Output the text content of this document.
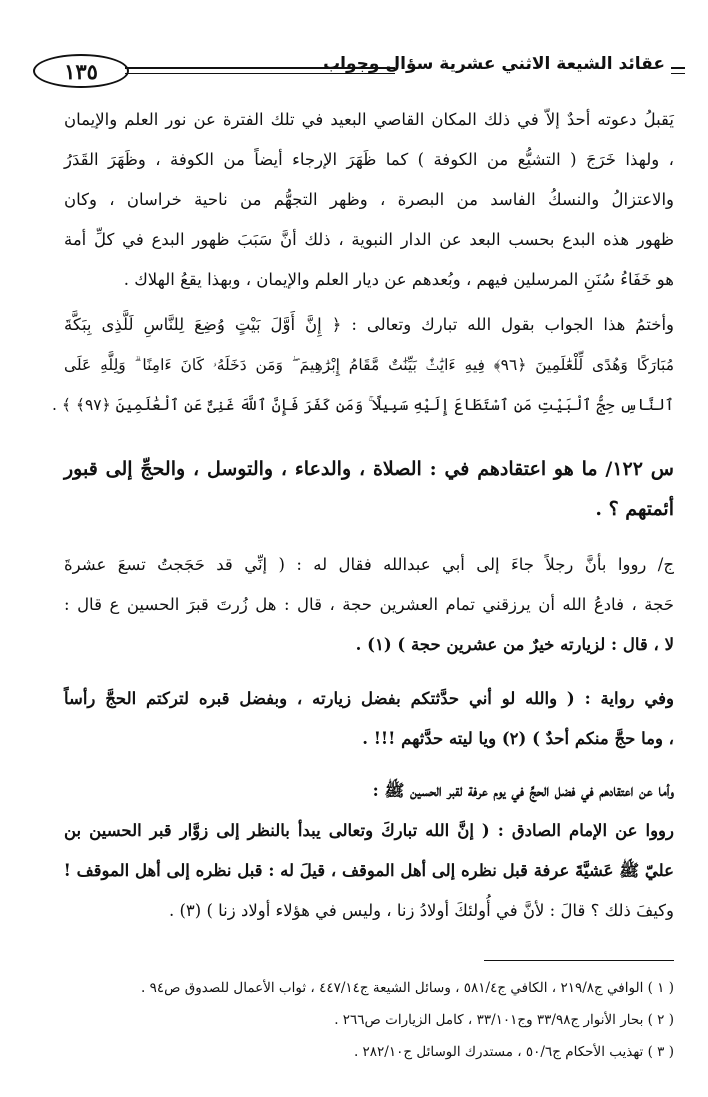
١٣٥	عقائد الشيعة الاثني عشرية سؤال وجواب
يَقبلُ دعوته أحدٌ إلاّ في ذلك المكان القاصي البعيد في تلك الفترة عن نور العلم والإيمان
، ولهذا خَرَجَ ( التشيُّع من الكوفة ) كما ظَهَرَ الإرجاء أيضاً من الكوفة ، وظَهَرَ القَدَرُ
والاعتزالُ والنسكُ الفاسد من البصرة ، وظهر التجهُّم من ناحية خراسان ، وكان
ظهور هذه البدع بحسب البعد عن الدار النبوية ، ذلك أنَّ سَبَبَ ظهور البدع في كلِّ أمة
هو خَفَاءُ سُنَنِ المرسلين فيهم ، وبُعدهم عن ديار العلم والإيمان ، وبهذا يقعُ الهلاك .
وأختمُ هذا الجواب بقول الله تبارك وتعالى : ﴿ إِنَّ أَوَّلَ بَيْتٍ وُضِعَ لِلنَّاسِ لَلَّذِى بِبَكَّةَ
مُبَارَكًا وَهُدًى لِّلْعَٰلَمِينَ ﴿٩٦﴾ فِيهِ ءَايَٰتٌۢ بَيِّنَٰتٌ مَّقَامُ إِبْرَٰهِيمَ ۖ وَمَن دَخَلَهُۥ كَانَ ءَامِنًا ۗ وَلِلَّهِ عَلَى
ٱلنَّاسِ حِجُّ ٱلْبَيْتِ مَنِ ٱسْتَطَاعَ إِلَيْهِ سَبِيلًا ۚ وَمَن كَفَرَ فَإِنَّ ٱللَّهَ غَنِىٌّ عَنِ ٱلْعَٰلَمِينَ ﴿٩٧﴾ ﴾ .
س ١٢٢/ ما هو اعتقادهم في : الصلاة ، والدعاء ، والتوسل ، والحجِّ إلى قبور
أئمتهم ؟ .
ج/ رووا بأنَّ رجلاً جاءَ إلى أبي عبدالله فقال له : ( إنِّي قد حَجَجتُ تسعَ عشرةَ
حَجة ، فادعُ الله أن يرزقني تمام العشرين حجة ، قال : هل زُرتَ قبرَ الحسين ع قال :
لا ، قال : لزيارته خيرٌ من عشرين حجة ) (١) .
وفي رواية : ( والله لو أني حدَّثتكم بفضل زيارته ، وبفضل قبره لتركتم الحجَّ رأساً
، وما حجَّ منكم أحدٌ ) (٢) ويا ليته حدَّثهم !!! .
وأما عن اعتقادهم في فضل الحجِّ في يوم عرفة لقبر الحسين ﷺ :
رووا عن الإمام الصادق : ( إنَّ الله تباركَ وتعالى يبدأ بالنظر إلى زوَّار قبر الحسين بن
عليّ ﷺ عَشيَّةَ عرفة قبل نظره إلى أهل الموقف ، قيلَ له : قبل نظره إلى أهل الموقف !
وكيفَ ذلك ؟ قالَ : لأنَّ في أُولئكَ أولادُ زنا ، وليس في هؤلاء أولاد زنا ) (٣) .
( ١ ) الوافي ج٢١٩/٨ ، الكافي ج٥٨١/٤ ، وسائل الشيعة ج٤٤٧/١٤ ، ثواب الأعمال للصدوق ص٩٤ .
( ٢ ) بحار الأنوار ج٣٣/٩٨ وج٣٣/١٠١ ، كامل الزيارات ص٢٦٦ .
( ٣ ) تهذيب الأحكام ج٥٠/٦ ، مستدرك الوسائل ج٢٨٢/١٠ .
